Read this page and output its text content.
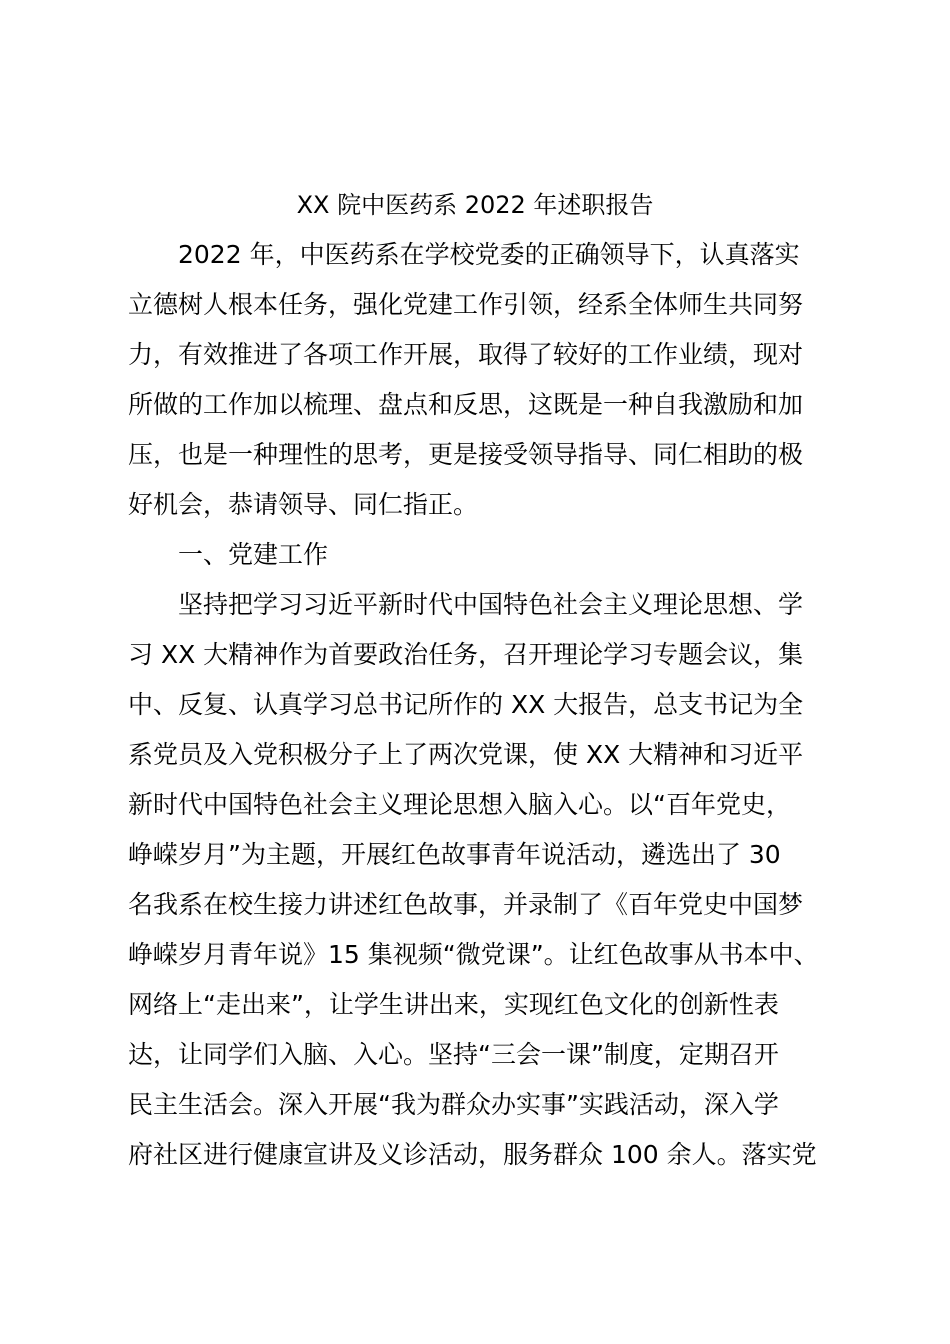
XX 院中医药系 2022 年述职报告

2022 年，中医药系在学校党委的正确领导下，认真落实

立德树人根本任务，强化党建工作引领，经系全体师生共同努

力，有效推进了各项工作开展，取得了较好的工作业绩，现对

所做的工作加以梳理、盘点和反思，这既是一种自我激励和加

压，也是一种理性的思考，更是接受领导指导、同仁相助的极

好机会，恭请领导、同仁指正。

一、党建工作

坚持把学习习近平新时代中国特色社会主义理论思想、学

习 XX 大精神作为首要政治任务，召开理论学习专题会议，集

中、反复、认真学习总书记所作的 XX 大报告，总支书记为全

系党员及入党积极分子上了两次党课，使 XX 大精神和习近平

新时代中国特色社会主义理论思想入脑入心。以“百年党史，

峥嵘岁月”为主题，开展红色故事青年说活动，遴选出了 30

名我系在校生接力讲述红色故事，并录制了《百年党史中国梦

峥嵘岁月青年说》15 集视频“微党课”。让红色故事从书本中、

网络上“走出来”，让学生讲出来，实现红色文化的创新性表

达，让同学们入脑、入心。坚持“三会一课”制度，定期召开

民主生活会。深入开展“我为群众办实事”实践活动，深入学

府社区进行健康宣讲及义诊活动，服务群众 100 余人。落实党
